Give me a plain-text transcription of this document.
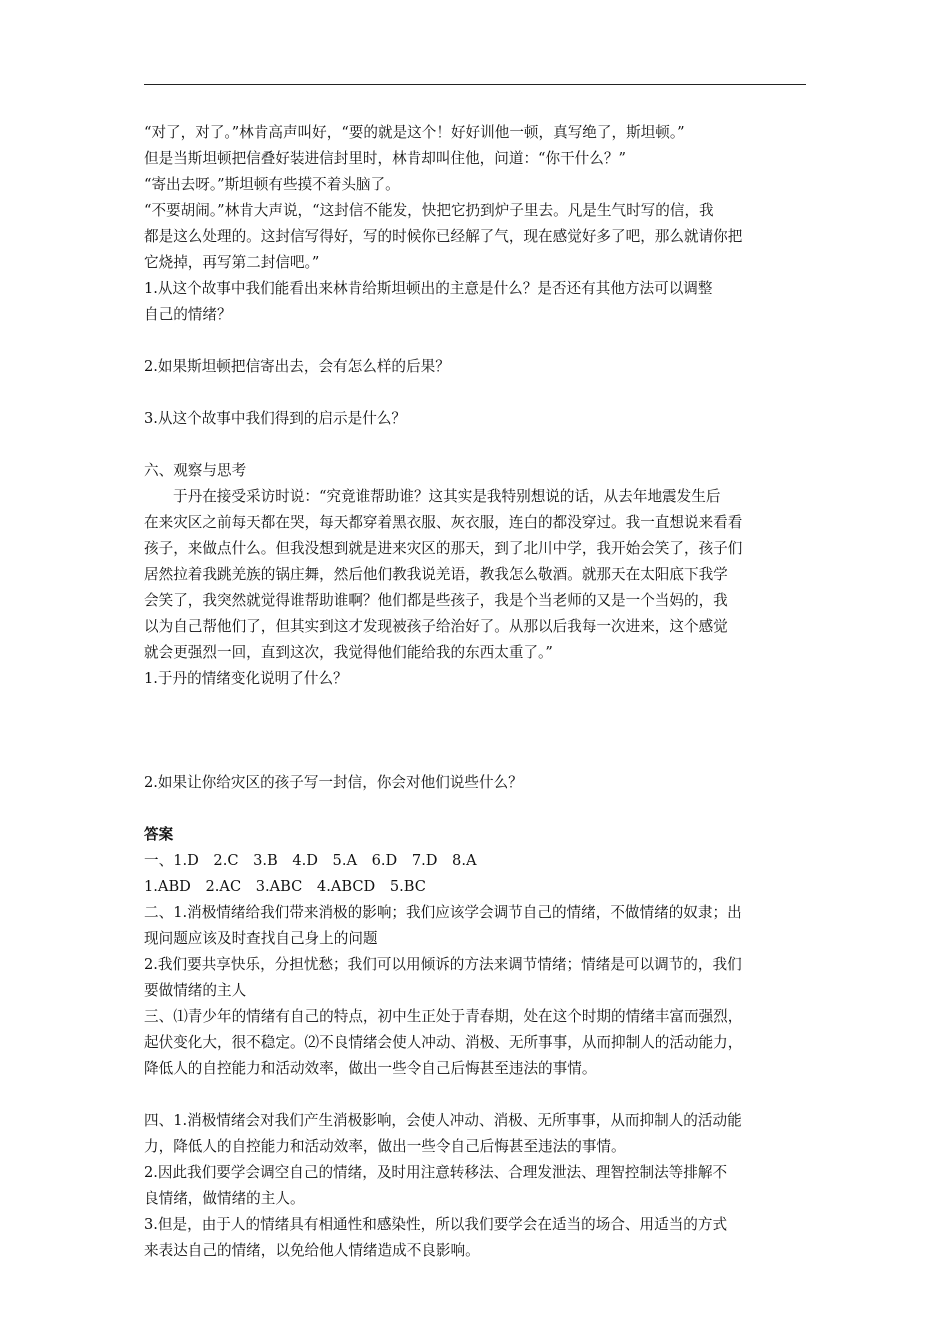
“对了，对了。”林肯高声叫好，“要的就是这个！好好训他一顿，真写绝了，斯坦顿。”
但是当斯坦顿把信叠好装进信封里时，林肯却叫住他，问道：“你干什么？”
“寄出去呀。”斯坦顿有些摸不着头脑了。
“不要胡闹。”林肯大声说，“这封信不能发，快把它扔到炉子里去。凡是生气时写的信，我
都是这么处理的。这封信写得好，写的时候你已经解了气，现在感觉好多了吧，那么就请你把
它烧掉，再写第二封信吧。”
1.从这个故事中我们能看出来林肯给斯坦顿出的主意是什么？是否还有其他方法可以调整
自己的情绪？
2.如果斯坦顿把信寄出去，会有怎么样的后果？
3.从这个故事中我们得到的启示是什么？
六、观察与思考
于丹在接受采访时说：“究竟谁帮助谁？这其实是我特别想说的话，从去年地震发生后
在来灾区之前每天都在哭，每天都穿着黑衣服、灰衣服，连白的都没穿过。我一直想说来看看
孩子，来做点什么。但我没想到就是进来灾区的那天，到了北川中学，我开始会笑了，孩子们
居然拉着我跳羌族的锅庄舞，然后他们教我说羌语，教我怎么敬酒。就那天在太阳底下我学
会笑了，我突然就觉得谁帮助谁啊？他们都是些孩子，我是个当老师的又是一个当妈的，我
以为自己帮他们了，但其实到这才发现被孩子给治好了。从那以后我每一次进来，这个感觉
就会更强烈一回，直到这次，我觉得他们能给我的东西太重了。”
1.于丹的情绪变化说明了什么？
2.如果让你给灾区的孩子写一封信，你会对他们说些什么？
答案
一、1.D　2.C　3.B　4.D　5.A　6.D　7.D　8.A
1.ABD　2.AC　3.ABC　4.ABCD　5.BC
二、1.消极情绪给我们带来消极的影响；我们应该学会调节自己的情绪，不做情绪的奴隶；出
现问题应该及时查找自己身上的问题
2.我们要共享快乐，分担忧愁；我们可以用倾诉的方法来调节情绪；情绪是可以调节的，我们
要做情绪的主人
三、⑴青少年的情绪有自己的特点，初中生正处于青春期，处在这个时期的情绪丰富而强烈，
起伏变化大，很不稳定。⑵不良情绪会使人冲动、消极、无所事事，从而抑制人的活动能力，
降低人的自控能力和活动效率，做出一些令自己后悔甚至违法的事情。
四、1.消极情绪会对我们产生消极影响，会使人冲动、消极、无所事事，从而抑制人的活动能
力，降低人的自控能力和活动效率，做出一些令自己后悔甚至违法的事情。
2.因此我们要学会调空自己的情绪，及时用注意转移法、合理发泄法、理智控制法等排解不
良情绪，做情绪的主人。
3.但是，由于人的情绪具有相通性和感染性，所以我们要学会在适当的场合、用适当的方式
来表达自己的情绪，以免给他人情绪造成不良影响。
